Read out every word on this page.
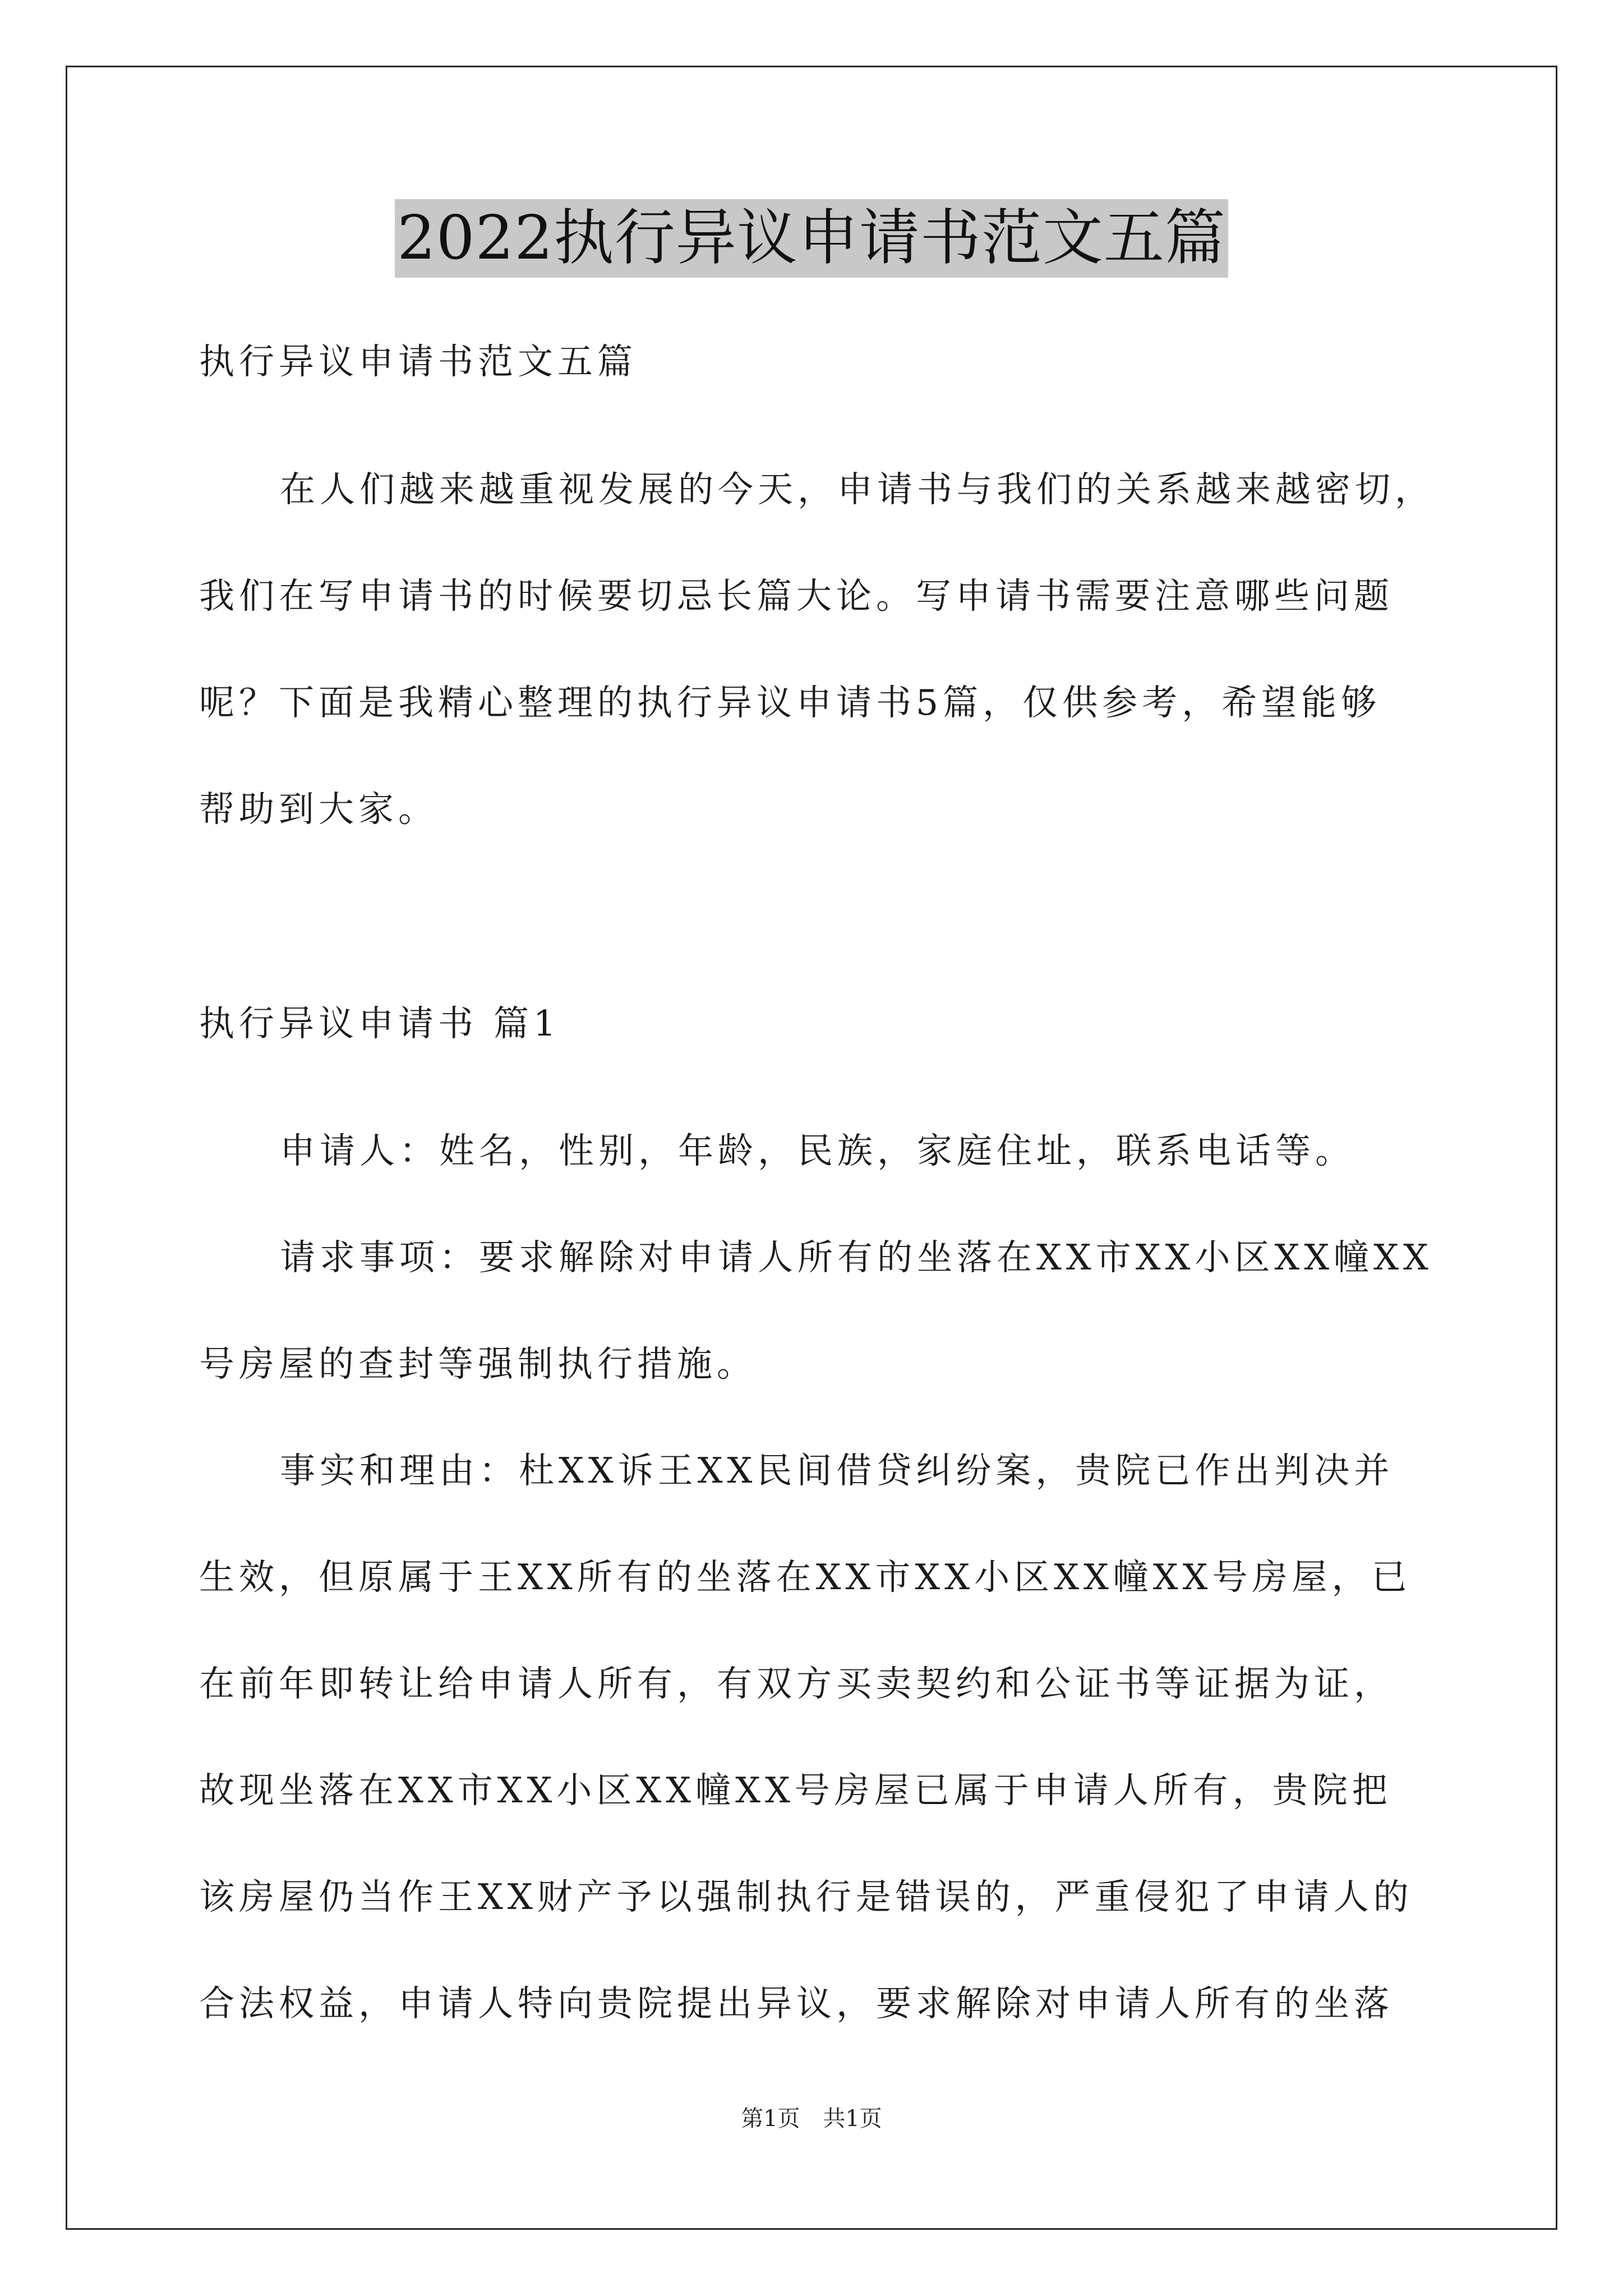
2022执行异议申请书范文五篇
执行异议申请书范文五篇
在人们越来越重视发展的今天，申请书与我们的关系越来越密切，
我们在写申请书的时候要切忌长篇大论。写申请书需要注意哪些问题
呢？下面是我精心整理的执行异议申请书5篇，仅供参考，希望能够
帮助到大家。
执行异议申请书 篇1
申请人：姓名，性别，年龄，民族，家庭住址，联系电话等。
请求事项：要求解除对申请人所有的坐落在XX市XX小区XX幢XX
号房屋的查封等强制执行措施。
事实和理由：杜XX诉王XX民间借贷纠纷案，贵院已作出判决并
生效，但原属于王XX所有的坐落在XX市XX小区XX幢XX号房屋，已
在前年即转让给申请人所有，有双方买卖契约和公证书等证据为证，
故现坐落在XX市XX小区XX幢XX号房屋已属于申请人所有，贵院把
该房屋仍当作王XX财产予以强制执行是错误的，严重侵犯了申请人的
合法权益，申请人特向贵院提出异议，要求解除对申请人所有的坐落
第1页 共1页
